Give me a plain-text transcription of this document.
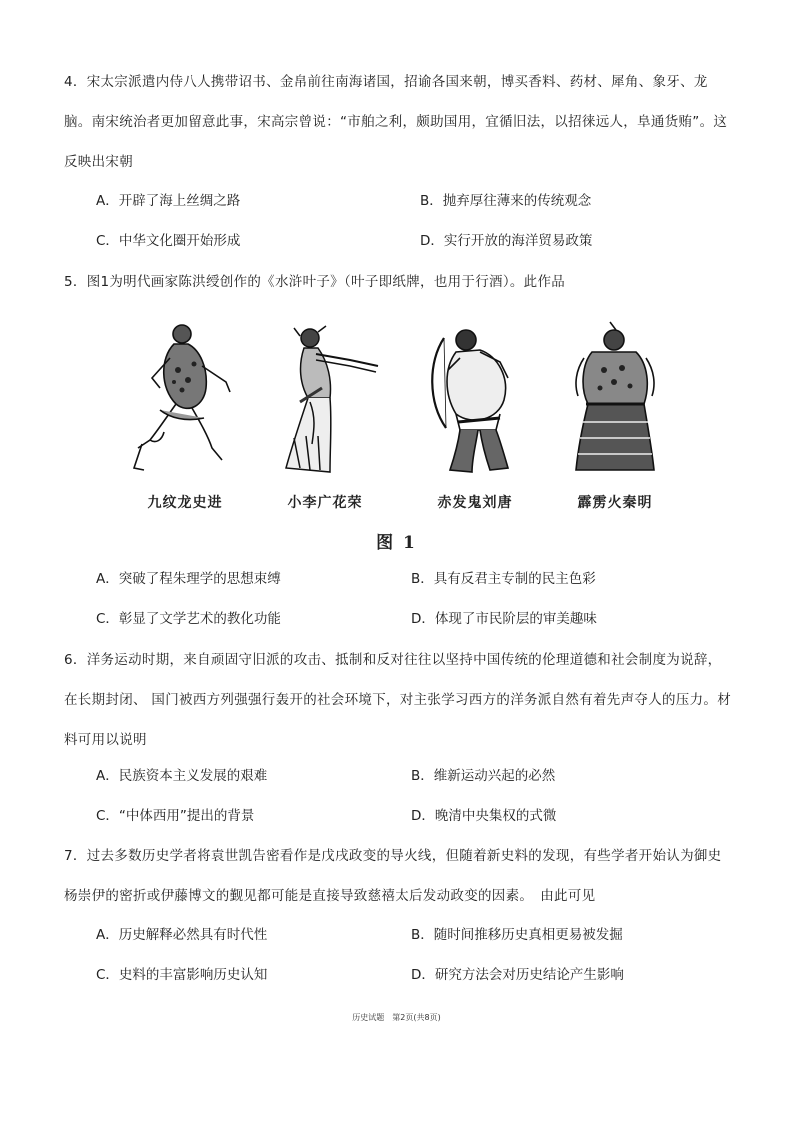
4．宋太宗派遣内侍八人携带诏书、金帛前往南海诸国，招谕各国来朝，博买香料、药材、犀角、象牙、龙脑。南宋统治者更加留意此事，宋高宗曾说：“市舶之利，颇助国用，宜循旧法，以招徕远人，阜通货贿”。这反映出宋朝
A．开辟了海上丝绸之路	B．抛弃厚往薄来的传统观念
C．中华文化圈开始形成	D．实行开放的海洋贸易政策
5．图1为明代画家陈洪绶创作的《水浒叶子》（叶子即纸牌，也用于行酒）。此作品
九纹龙史进	小李广花荣	赤发鬼刘唐	霹雳火秦明
图 1
A．突破了程朱理学的思想束缚	B．具有反君主专制的民主色彩
C．彰显了文学艺术的教化功能	D．体现了市民阶层的审美趣味
6．洋务运动时期，来自顽固守旧派的攻击、抵制和反对往往以坚持中国传统的伦理道德和社会制度为说辞，在长期封闭、 国门被西方列强强行轰开的社会环境下，对主张学习西方的洋务派自然有着先声夺人的压力。材料可用以说明
A．民族资本主义发展的艰难	B．维新运动兴起的必然
C．“中体西用”提出的背景	D．晚清中央集权的式微
7．过去多数历史学者将袁世凯告密看作是戊戌政变的导火线，但随着新史料的发现，有些学者开始认为御史杨崇伊的密折或伊藤博文的觐见都可能是直接导致慈禧太后发动政变的因素。　由此可见
A．历史解释必然具有时代性	B．随时间推移历史真相更易被发掘
C．史料的丰富影响历史认知	D．研究方法会对历史结论产生影响
历史试题　第2页(共8页)
